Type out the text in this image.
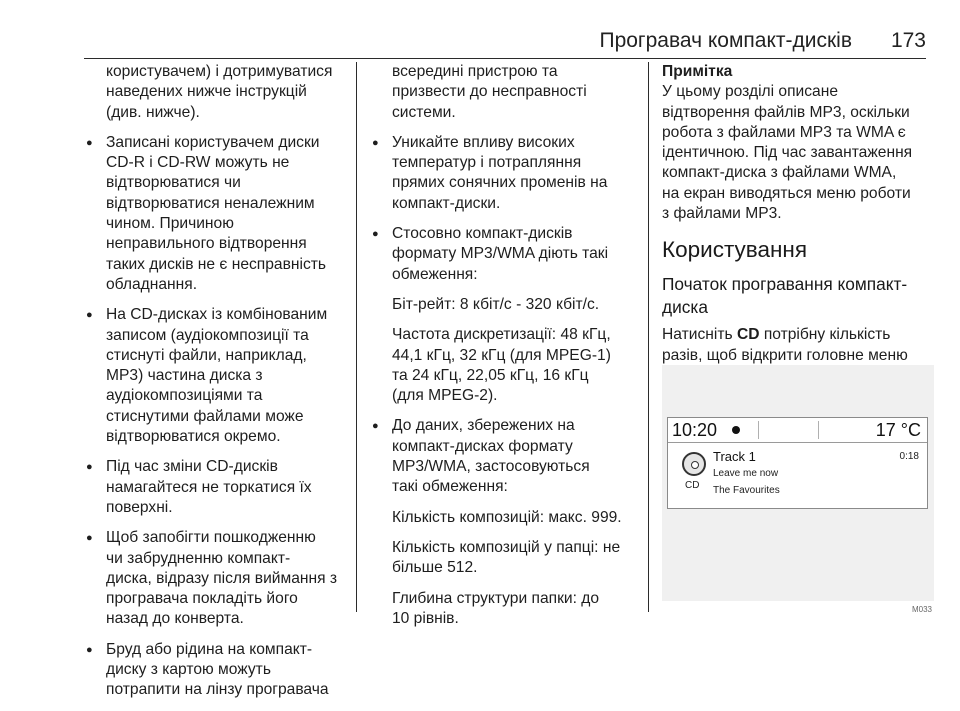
Програвач компакт-дисків 173
користувачем) і дотримуватися
наведених нижче інструкцій
(див. нижче).
● Записані користувачем диски
CD-R і CD-RW можуть не
відтворюватися чи
відтворюватися неналежним
чином. Причиною
неправильного відтворення
таких дисків не є несправність
обладнання.
● На CD-дисках із комбінованим
записом (аудіокомпозиції та
стиснуті файли, наприклад,
MP3) частина диска з
аудіокомпозиціями та
стиснутими файлами може
відтворюватися окремо.
● Під час зміни CD-дисків
намагайтеся не торкатися їх
поверхні.
● Щоб запобігти пошкодженню
чи забрудненню компакт-
диска, відразу після виймання з
програвача покладіть його
назад до конверта.
● Бруд або рідина на компакт-
диску з картою можуть
потрапити на лінзу програвача
всередині пристрою та
призвести до несправності
системи.
● Уникайте впливу високих
температур і потрапляння
прямих сонячних променів на
компакт-диски.
● Стосовно компакт-дисків
формату MP3/WMA діють такі
обмеження:
Біт-рейт: 8 кбіт/с - 320 кбіт/с.
Частота дискретизації: 48 кГц,
44,1 кГц, 32 кГц (для MPEG-1)
та 24 кГц, 22,05 кГц, 16 кГц
(для MPEG-2).
● До даних, збережених на
компакт-дисках формату
MP3/WMA, застосовуються
такі обмеження:
Кількість композицій: макс. 999.
Кількість композицій у папці: не
більше 512.
Глибина структури папки: до
10 рівнів.
Примітка
У цьому розділі описане
відтворення файлів MP3, оскільки
робота з файлами MP3 та WMA є
ідентичною. Під час завантаження
компакт-диска з файлами WMA,
на екран виводяться меню роботи
з файлами MP3.
Користування
Початок програвання компакт-
диска
Натисніть CD потрібну кількість
разів, щоб відкрити головне меню
10:20	17 °C
CD
Track 1
Leave me now
The Favourites
0:18
M033
